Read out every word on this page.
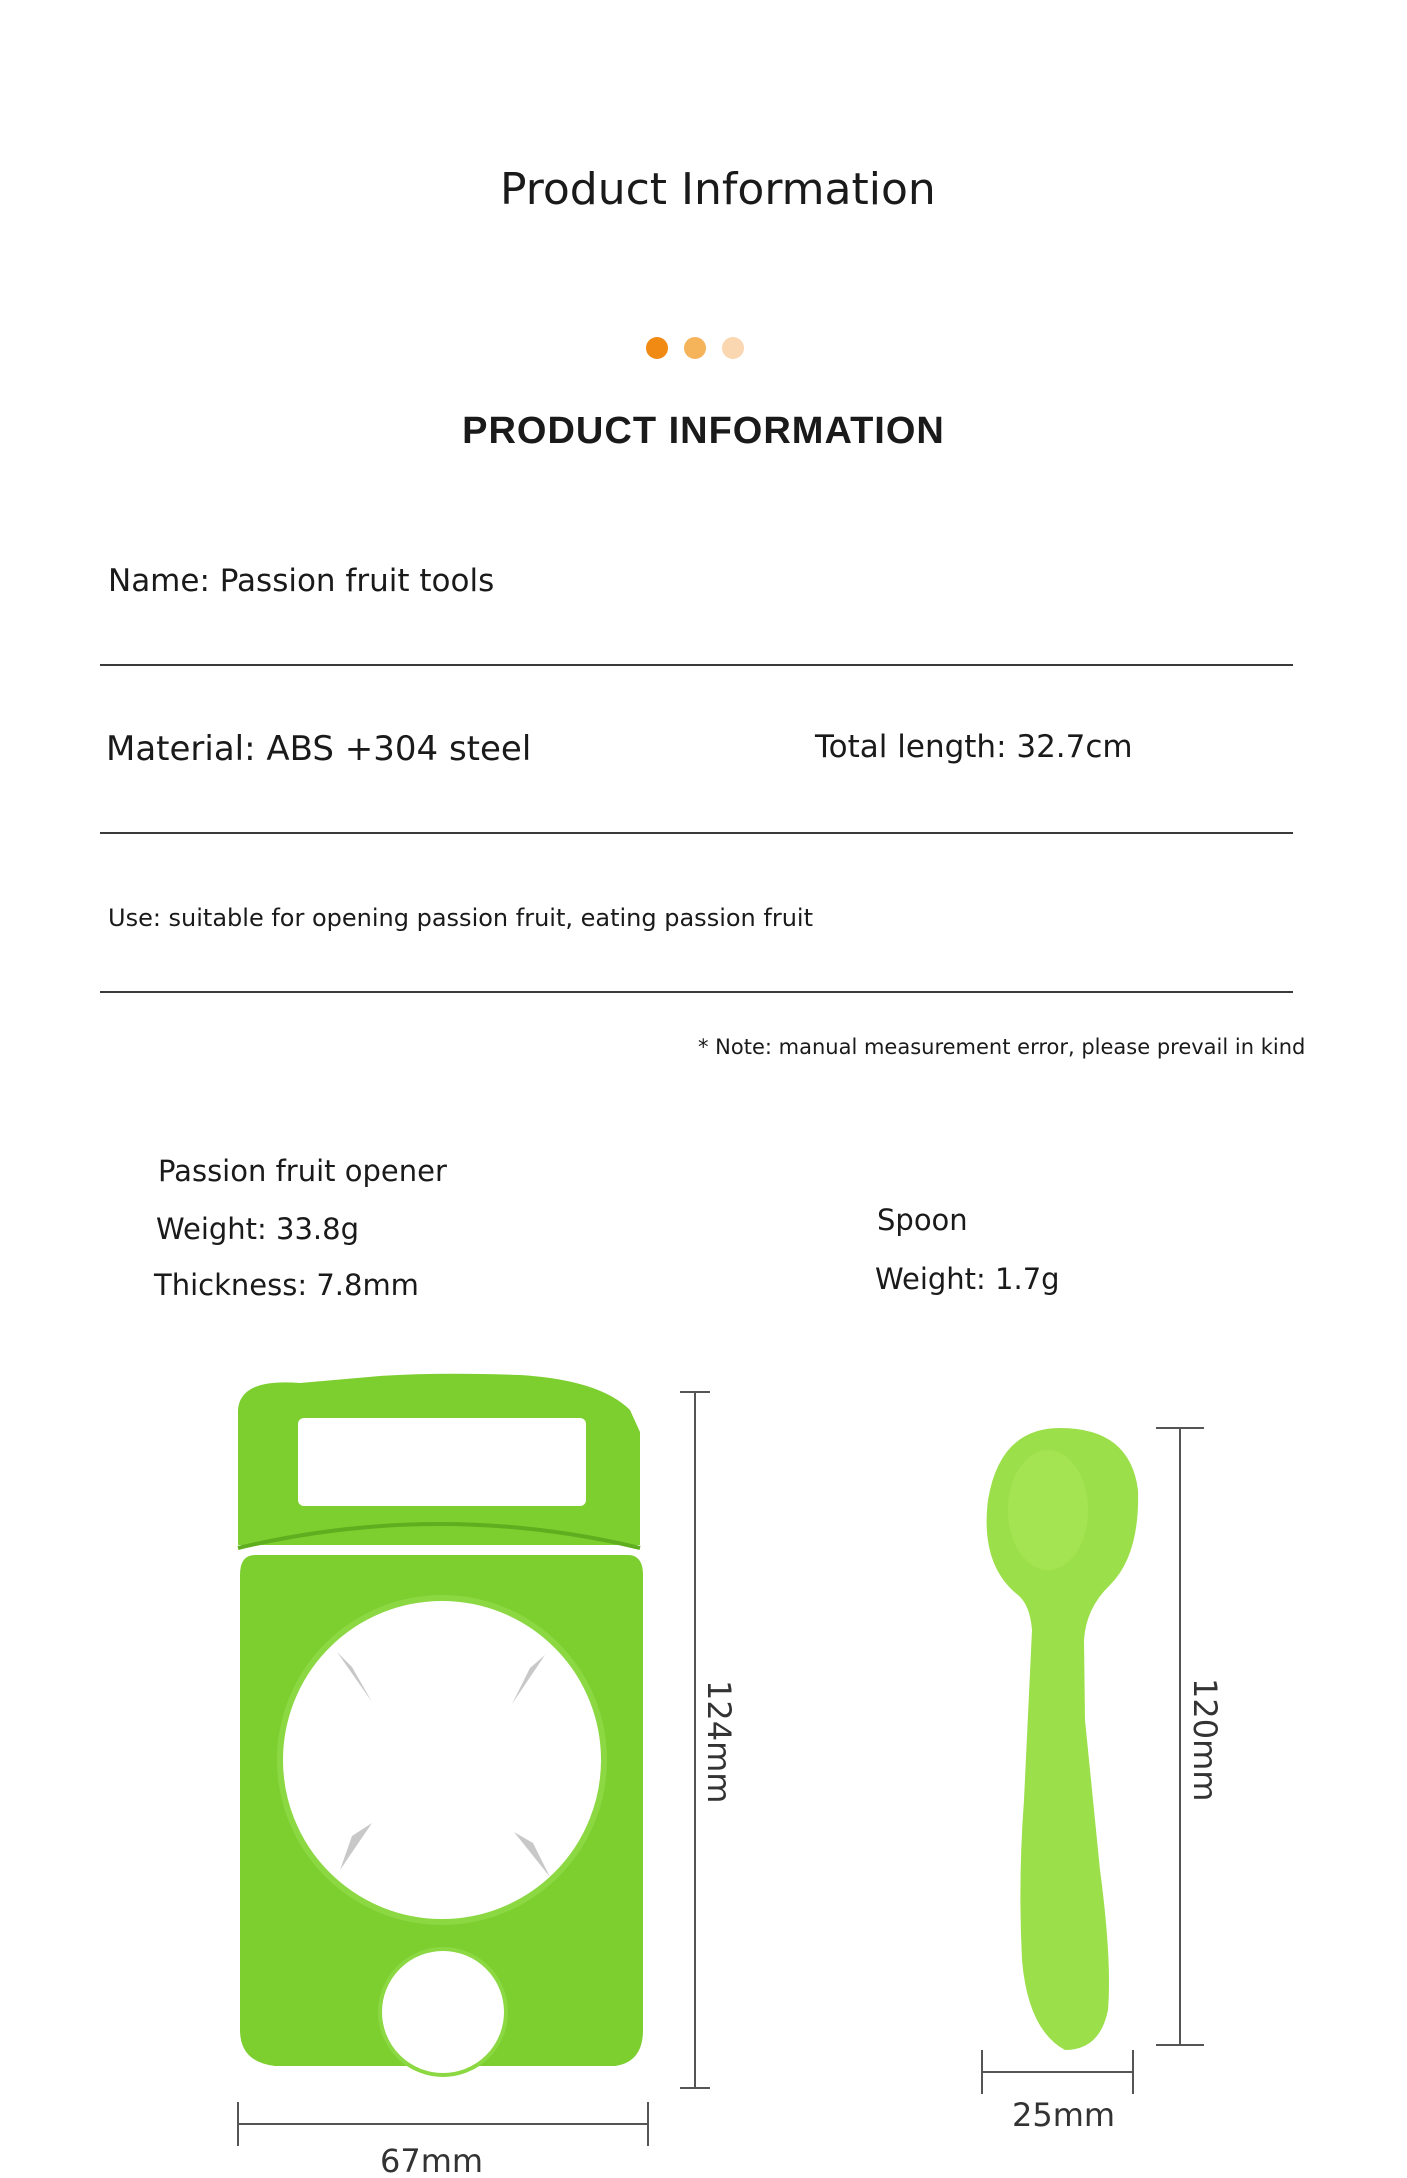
Product Information
PRODUCT INFORMATION
Name: Passion fruit tools
Material: ABS +304 steel	Total length: 32.7cm
Use: suitable for opening passion fruit, eating passion fruit
* Note: manual measurement error, please prevail in kind
Passion fruit opener
Weight: 33.8g
Thickness: 7.8mm
Spoon
Weight: 1.7g
124mm
67mm
120mm
25mm
